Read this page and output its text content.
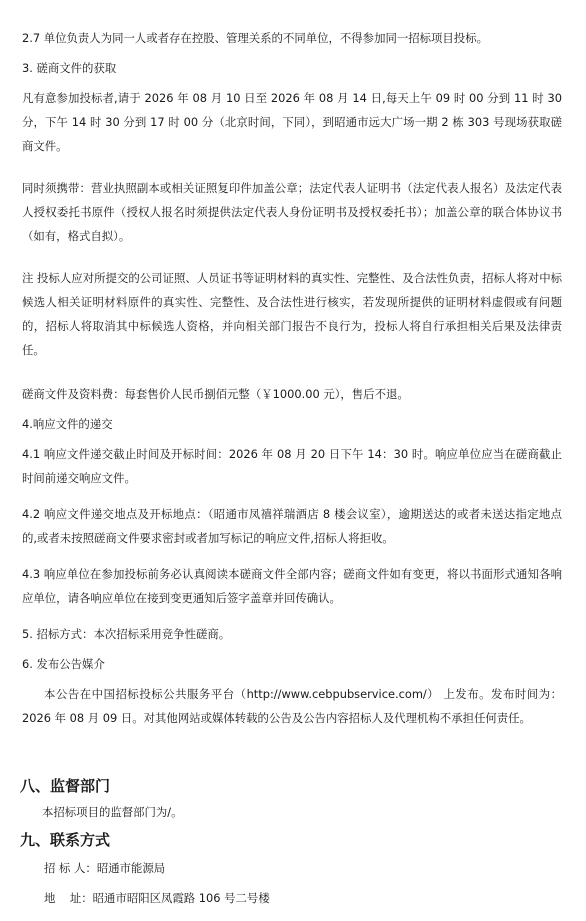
2.7 单位负责人为同一人或者存在控股、管理关系的不同单位，不得参加同一招标项目投标。

3. 磋商文件的获取

凡有意参加投标者,请于 2026 年 08 月 10 日至 2026 年 08 月 14 日,每天上午 09 时 00 分到 11 时 30 分，下午 14 时 30 分到 17 时 00 分（北京时间，下同），到昭通市远大广场一期 2 栋 303 号现场获取磋商文件。

同时须携带：营业执照副本或相关证照复印件加盖公章；法定代表人证明书（法定代表人报名）及法定代表人授权委托书原件（授权人报名时须提供法定代表人身份证明书及授权委托书）；加盖公章的联合体协议书（如有，格式自拟）。

注 投标人应对所提交的公司证照、人员证书等证明材料的真实性、完整性、及合法性负责，招标人将对中标候选人相关证明材料原件的真实性、完整性、及合法性进行核实，若发现所提供的证明材料虚假或有问题的，招标人将取消其中标候选人资格，并向相关部门报告不良行为，投标人将自行承担相关后果及法律责任。

磋商文件及资料费：每套售价人民币捌佰元整（￥1000.00 元），售后不退。

4.响应文件的递交

4.1 响应文件递交截止时间及开标时间：2026 年 08 月 20 日下午 14：30 时。响应单位应当在磋商截止时间前递交响应文件。

4.2 响应文件递交地点及开标地点：（昭通市凤禧祥瑞酒店 8 楼会议室），逾期送达的或者未送达指定地点的,或者未按照磋商文件要求密封或者加写标记的响应文件,招标人将拒收。

4.3 响应单位在参加投标前务必认真阅读本磋商文件全部内容；磋商文件如有变更，将以书面形式通知各响应单位，请各响应单位在接到变更通知后签字盖章并回传确认。

5. 招标方式：本次招标采用竞争性磋商。

6. 发布公告媒介

本公告在中国招标投标公共服务平台（http://www.cebpubservice.com/） 上发布。发布时间为：2026 年 08 月 09 日。对其他网站或媒体转载的公告及公告内容招标人及代理机构不承担任何责任。

八、监督部门

本招标项目的监督部门为/。

九、联系方式

招 标 人：昭通市能源局
地    址：昭通市昭阳区凤霞路 106 号二号楼
